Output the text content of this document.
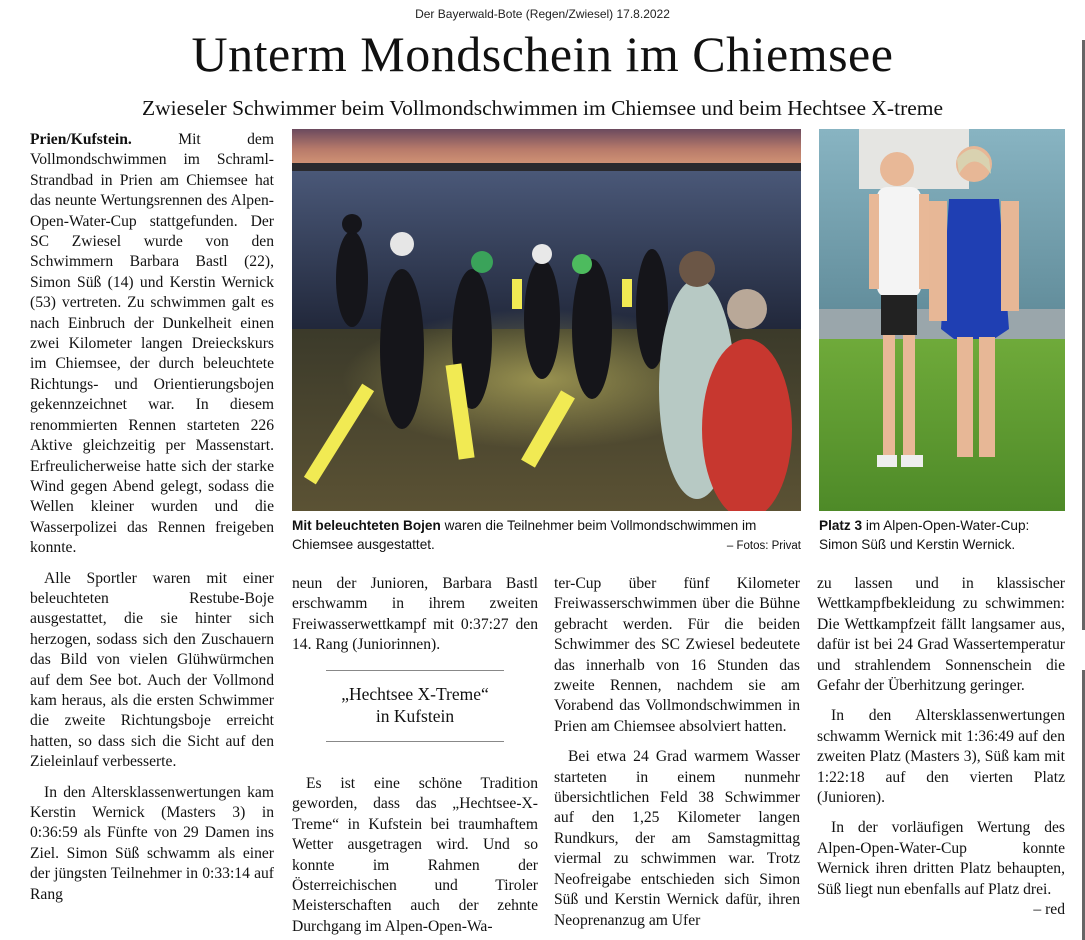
Der Bayerwald-Bote (Regen/Zwiesel) 17.8.2022
Unterm Mondschein im Chiemsee
Zwieseler Schwimmer beim Vollmondschwimmen im Chiemsee und beim Hechtsee X-treme

Prien/Kufstein.	Mit dem Vollmondschwimmen im Schraml-Strandbad in Prien am Chiemsee hat das neunte Wertungsrennen des Alpen-Open-Water-Cup stattgefunden. Der SC Zwiesel wurde von den Schwimmern Barbara Bastl (22), Simon Süß (14) und Kerstin Wernick (53) vertreten. Zu schwimmen galt es nach Einbruch der Dunkelheit einen zwei Kilometer langen Dreieckskurs im Chiemsee, der durch beleuchtete Richtungs- und Orientierungsbojen gekennzeichnet war. In diesem renommierten Rennen starteten 226 Aktive gleichzeitig per Massenstart. Erfreulicherweise hatte sich der starke Wind gegen Abend gelegt, sodass die Wellen kleiner wurden und die Wasserpolizei das Rennen freigeben konnte.

Alle Sportler waren mit einer beleuchteten Restube-Boje ausgestattet, die sie hinter sich herzogen, sodass sich den Zuschauern das Bild von vielen Glühwürmchen auf dem See bot. Auch der Vollmond kam heraus, als die ersten Schwimmer die zweite Richtungsboje erreicht hatten, so dass sich die Sicht auf den Zieleinlauf verbesserte.

In den Altersklassenwertungen kam Kerstin Wernick (Masters 3) in 0:36:59 als Fünfte von 29 Damen ins Ziel. Simon Süß schwamm als einer der jüngsten Teilnehmer in 0:33:14 auf Rang

Mit beleuchteten Bojen waren die Teilnehmer beim Vollmondschwimmen im Chiemsee ausgestattet.	– Fotos: Privat
Platz 3 im Alpen-Open-Water-Cup: Simon Süß und Kerstin Wernick.

neun der Junioren, Barbara Bastl erschwamm in ihrem zweiten Freiwasserwettkampf mit 0:37:27 den 14. Rang (Juniorinnen).

„Hechtsee X-Treme“
in Kufstein

Es ist eine schöne Tradition geworden, dass das „Hechtsee-X-Treme“ in Kufstein bei traumhaftem Wetter ausgetragen wird. Und so konnte im Rahmen der Österreichischen und Tiroler Meisterschaften auch der zehnte Durchgang im Alpen-Open-Wa-

ter-Cup über fünf Kilometer Freiwasserschwimmen über die Bühne gebracht werden. Für die beiden Schwimmer des SC Zwiesel bedeutete das innerhalb von 16 Stunden das zweite Rennen, nachdem sie am Vorabend das Vollmondschwimmen in Prien am Chiemsee absolviert hatten.

Bei etwa 24 Grad warmem Wasser starteten in einem nunmehr übersichtlichen Feld 38 Schwimmer auf den 1,25 Kilometer langen Rundkurs, der am Samstagmittag viermal zu schwimmen war. Trotz Neofreigabe entschieden sich Simon Süß und Kerstin Wernick dafür, ihren Neoprenanzug am Ufer

zu lassen und in klassischer Wettkampfbekleidung zu schwimmen: Die Wettkampfzeit fällt langsamer aus, dafür ist bei 24 Grad Wassertemperatur und strahlendem Sonnenschein die Gefahr der Überhitzung geringer.

In den Altersklassenwertungen schwamm Wernick mit 1:36:49 auf den zweiten Platz (Masters 3), Süß kam mit 1:22:18 auf den vierten Platz (Junioren).

In der vorläufigen Wertung des Alpen-Open-Water-Cup konnte Wernick ihren dritten Platz behaupten, Süß liegt nun ebenfalls auf Platz drei.
– red
